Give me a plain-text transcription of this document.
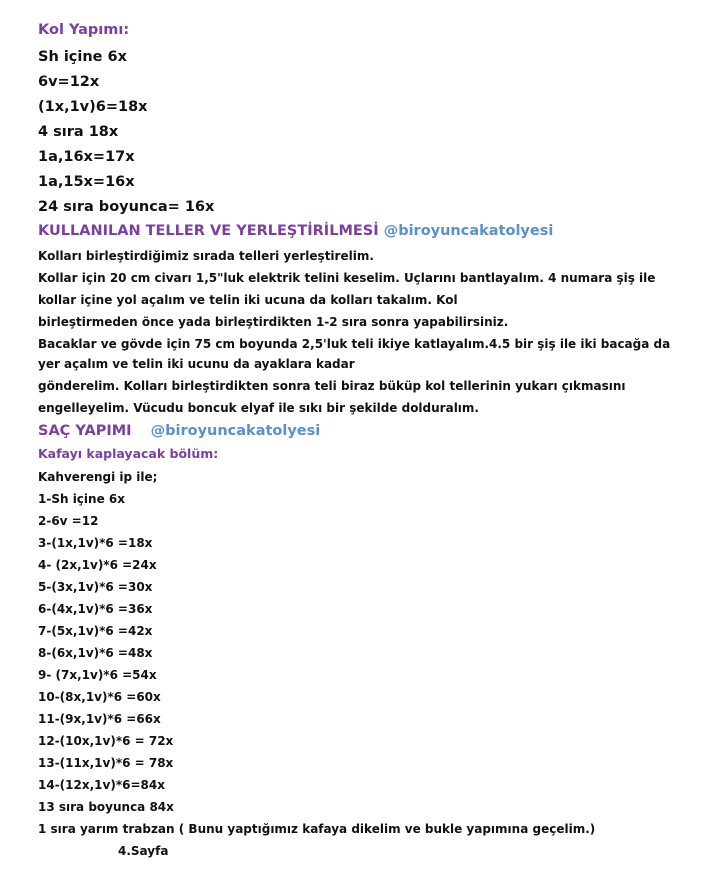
Kol Yapımı:
Sh içine 6x
6v=12x
(1x,1v)6=18x
4 sıra 18x
1a,16x=17x
1a,15x=16x
24 sıra boyunca= 16x
KULLANILAN TELLER VE YERLEŞTİRİLMESİ @biroyuncakatolyesi
Kolları birleştirdiğimiz sırada telleri yerleştirelim.
Kollar için 20 cm civarı 1,5"luk elektrik telini keselim. Uçlarını bantlayalım. 4 numara şiş ile
kollar içine yol açalım ve telin iki ucuna da kolları takalım. Kol
birleştirmeden önce yada birleştirdikten 1-2 sıra sonra yapabilirsiniz.
Bacaklar ve gövde için 75 cm boyunda 2,5'luk teli ikiye katlayalım.4.5 bir şiş ile iki bacağa da
yer açalım ve telin iki ucunu da ayaklara kadar
gönderelim. Kolları birleştirdikten sonra teli biraz büküp kol tellerinin yukarı çıkmasını
engelleyelim. Vücudu boncuk elyaf ile sıkı bir şekilde dolduralım.
SAÇ YAPIMI @biroyuncakatolyesi
Kafayı kaplayacak bölüm:
Kahverengi ip ile;
1-Sh içine 6x
2-6v =12
3-(1x,1v)*6 =18x
4- (2x,1v)*6 =24x
5-(3x,1v)*6 =30x
6-(4x,1v)*6 =36x
7-(5x,1v)*6 =42x
8-(6x,1v)*6 =48x
9- (7x,1v)*6 =54x
10-(8x,1v)*6 =60x
11-(9x,1v)*6 =66x
12-(10x,1v)*6 = 72x
13-(11x,1v)*6 = 78x
14-(12x,1v)*6=84x
13 sıra boyunca 84x
1 sıra yarım trabzan ( Bunu yaptığımız kafaya dikelim ve bukle yapımına geçelim.)
4.Sayfa
